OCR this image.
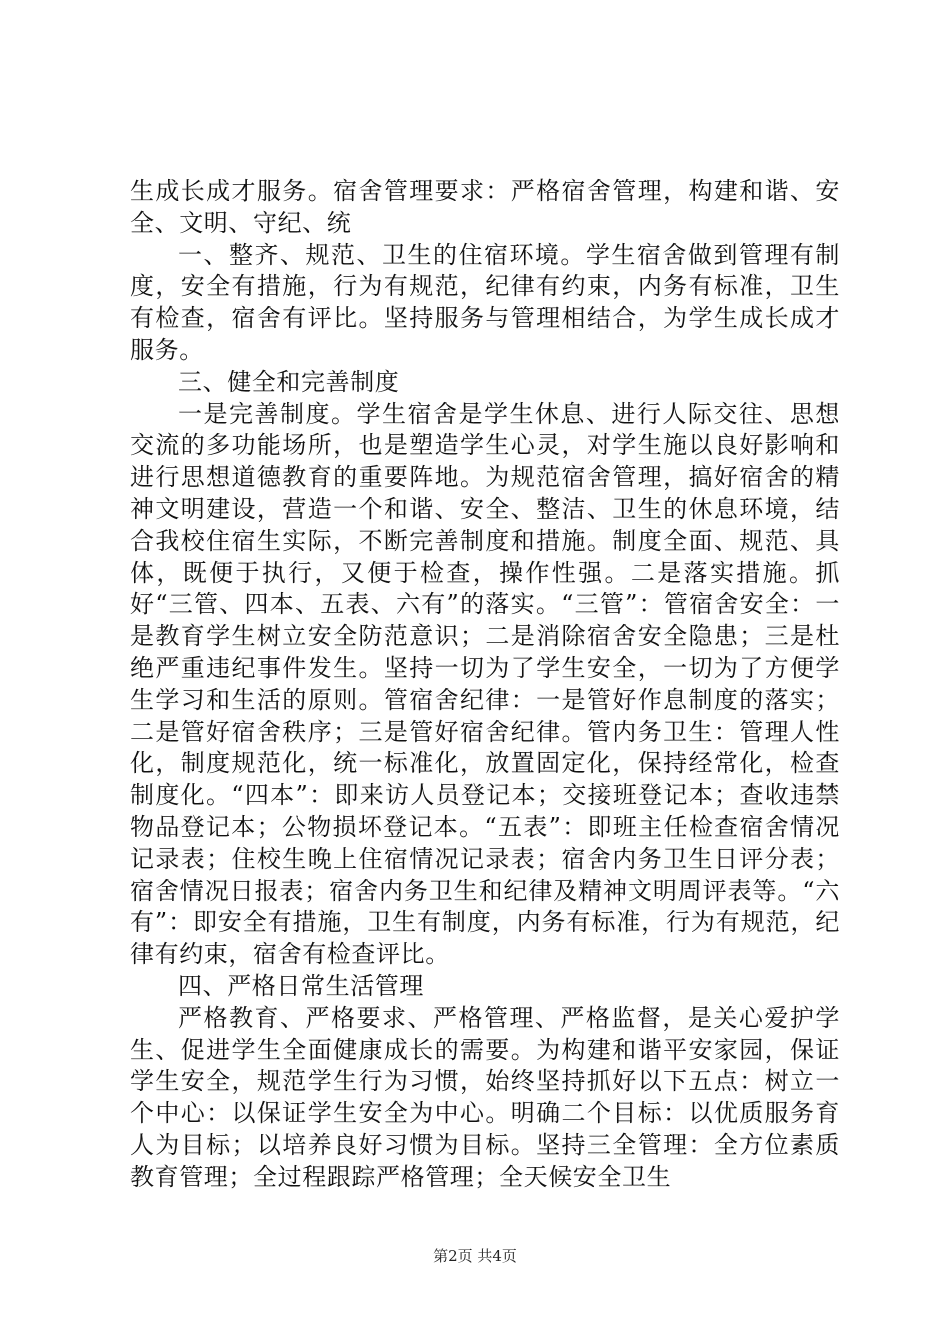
生成长成才服务。宿舍管理要求：严格宿舍管理，构建和谐、安全、文明、守纪、统

一、整齐、规范、卫生的住宿环境。学生宿舍做到管理有制度，安全有措施，行为有规范，纪律有约束，内务有标准，卫生有检查，宿舍有评比。坚持服务与管理相结合，为学生成长成才服务。

三、健全和完善制度

一是完善制度。学生宿舍是学生休息、进行人际交往、思想交流的多功能场所，也是塑造学生心灵，对学生施以良好影响和进行思想道德教育的重要阵地。为规范宿舍管理，搞好宿舍的精神文明建设，营造一个和谐、安全、整洁、卫生的休息环境，结合我校住宿生实际，不断完善制度和措施。制度全面、规范、具体，既便于执行，又便于检查，操作性强。二是落实措施。抓好“三管、四本、五表、六有”的落实。“三管”：管宿舍安全：一是教育学生树立安全防范意识；二是消除宿舍安全隐患；三是杜绝严重违纪事件发生。坚持一切为了学生安全，一切为了方便学生学习和生活的原则。管宿舍纪律：一是管好作息制度的落实；二是管好宿舍秩序；三是管好宿舍纪律。管内务卫生：管理人性化，制度规范化，统一标准化，放置固定化，保持经常化，检查制度化。“四本”：即来访人员登记本；交接班登记本；查收违禁物品登记本；公物损坏登记本。“五表”：即班主任检查宿舍情况记录表；住校生晚上住宿情况记录表；宿舍内务卫生日评分表；宿舍情况日报表；宿舍内务卫生和纪律及精神文明周评表等。“六有”：即安全有措施，卫生有制度，内务有标准，行为有规范，纪律有约束，宿舍有检查评比。

四、严格日常生活管理

严格教育、严格要求、严格管理、严格监督，是关心爱护学生、促进学生全面健康成长的需要。为构建和谐平安家园，保证学生安全，规范学生行为习惯，始终坚持抓好以下五点：树立一个中心：以保证学生安全为中心。明确二个目标：以优质服务育人为目标；以培养良好习惯为目标。坚持三全管理：全方位素质教育管理；全过程跟踪严格管理；全天候安全卫生

第2页 共4页
